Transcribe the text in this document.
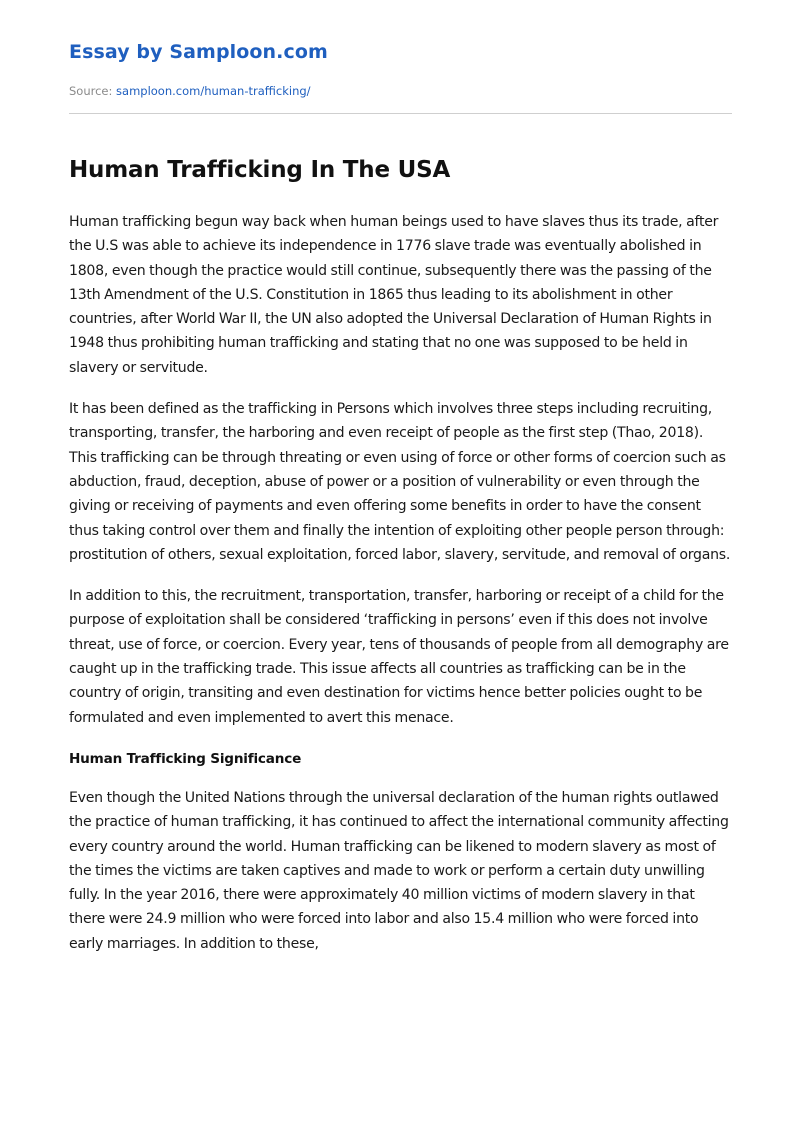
Essay by Samploon.com
Source: samploon.com/human-trafficking/
Human Trafficking In The USA

Human trafficking begun way back when human beings used to have slaves thus its trade, after the U.S was able to achieve its independence in 1776 slave trade was eventually abolished in 1808, even though the practice would still continue, subsequently there was the passing of the 13th Amendment of the U.S. Constitution in 1865 thus leading to its abolishment in other countries, after World War II, the UN also adopted the Universal Declaration of Human Rights in 1948 thus prohibiting human trafficking and stating that no one was supposed to be held in slavery or servitude.

It has been defined as the trafficking in Persons which involves three steps including recruiting, transporting, transfer, the harboring and even receipt of people as the first step (Thao, 2018). This trafficking can be through threating or even using of force or other forms of coercion such as abduction, fraud, deception, abuse of power or a position of vulnerability or even through the giving or receiving of payments and even offering some benefits in order to have the consent thus taking control over them and finally the intention of exploiting other people person through: prostitution of others, sexual exploitation, forced labor, slavery, servitude, and removal of organs.

In addition to this, the recruitment, transportation, transfer, harboring or receipt of a child for the purpose of exploitation shall be considered ‘trafficking in persons’ even if this does not involve threat, use of force, or coercion. Every year, tens of thousands of people from all demography are caught up in the trafficking trade. This issue affects all countries as trafficking can be in the country of origin, transiting and even destination for victims hence better policies ought to be formulated and even implemented to avert this menace.

Human Trafficking Significance

Even though the United Nations through the universal declaration of the human rights outlawed the practice of human trafficking, it has continued to affect the international community affecting every country around the world. Human trafficking can be likened to modern slavery as most of the times the victims are taken captives and made to work or perform a certain duty unwilling fully. In the year 2016, there were approximately 40 million victims of modern slavery in that there were 24.9 million who were forced into labor and also 15.4 million who were forced into early marriages. In addition to these,
